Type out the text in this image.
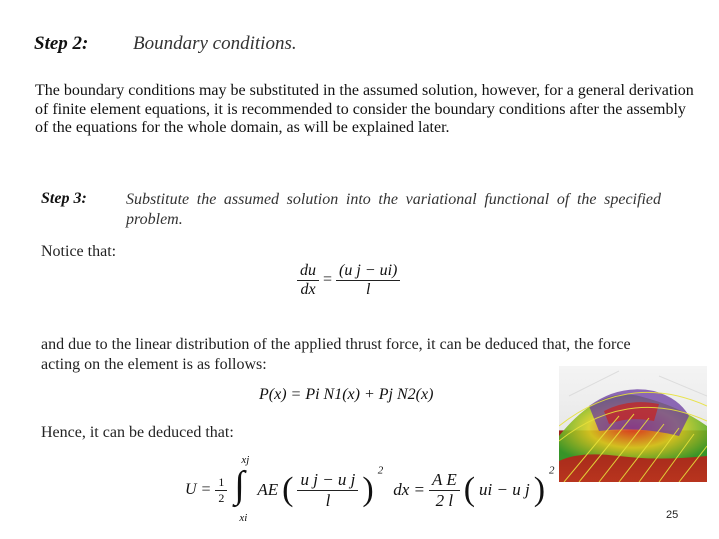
Step 2: Boundary conditions.
The boundary conditions may be substituted in the assumed solution, however, for a general derivation of finite element equations, it is recommended to consider the boundary conditions after the assembly of the equations for the whole domain, as will be explained later.
Step 3: Substitute the assumed solution into the variational functional of the specified problem.
Notice that:
$\frac{du}{dx} = \frac{\text{(u j − ui)}}{l}$
and due to the linear distribution of the applied thrust force, it can be deduced that, the force acting on the element is as follows:
P(x) = Pi N1(x) + Pj N2(x)
Hence, it can be deduced that:
$U = \frac{1}{2}$

xj
∫
xi
AE ( $\frac{\text{u j − u j}}{l}$ ) $^2$ dx = $\frac{\text{A E}}{2 l}$ ( ui − u j ) $^2$
25
